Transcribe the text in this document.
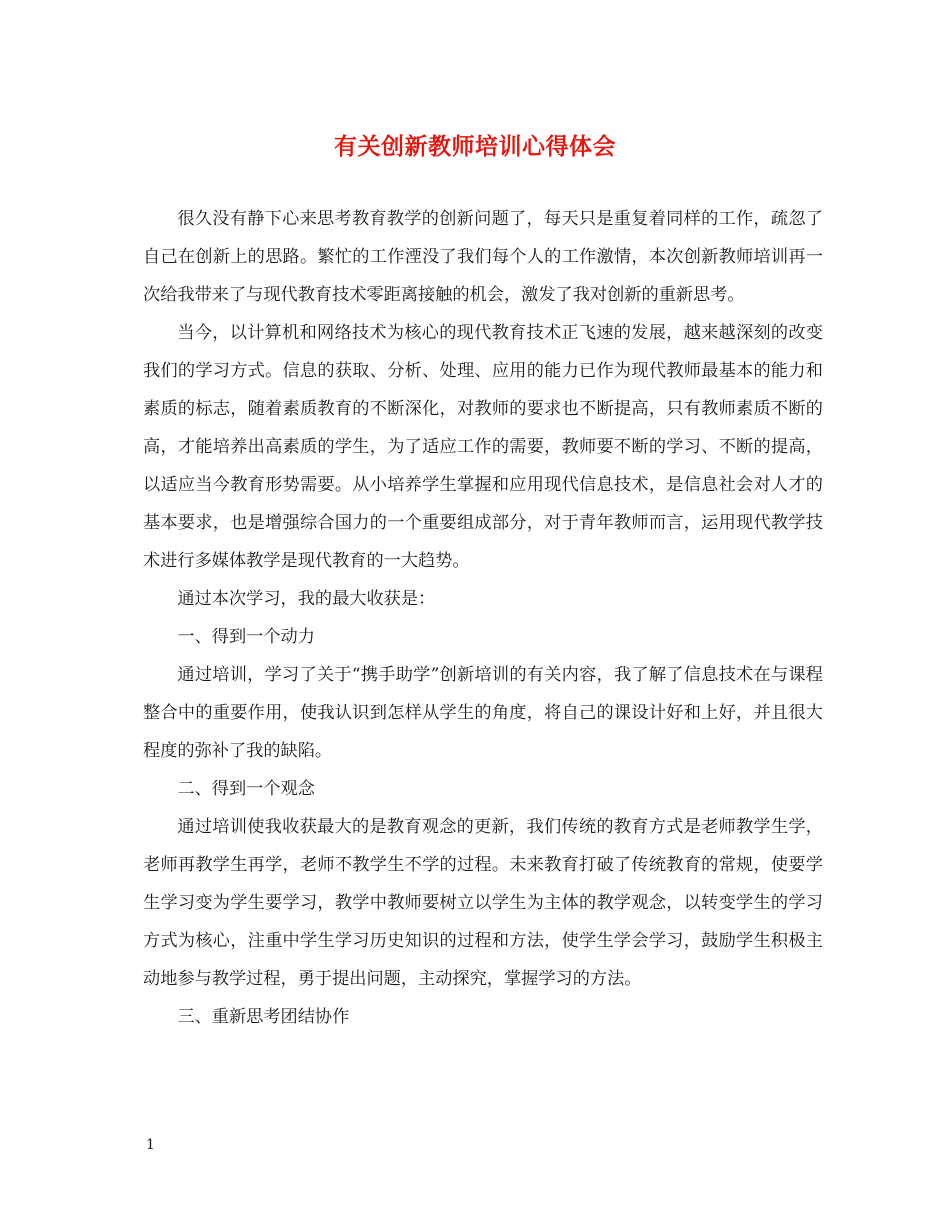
有关创新教师培训心得体会

很久没有静下心来思考教育教学的创新问题了，每天只是重复着同样的工作，疏忽了自己在创新上的思路。繁忙的工作湮没了我们每个人的工作激情，本次创新教师培训再一次给我带来了与现代教育技术零距离接触的机会，激发了我对创新的重新思考。

当今，以计算机和网络技术为核心的现代教育技术正飞速的发展，越来越深刻的改变我们的学习方式。信息的获取、分析、处理、应用的能力已作为现代教师最基本的能力和素质的标志，随着素质教育的不断深化，对教师的要求也不断提高，只有教师素质不断的高，才能培养出高素质的学生，为了适应工作的需要，教师要不断的学习、不断的提高，以适应当今教育形势需要。从小培养学生掌握和应用现代信息技术，是信息社会对人才的基本要求，也是增强综合国力的一个重要组成部分，对于青年教师而言，运用现代教学技术进行多媒体教学是现代教育的一大趋势。

通过本次学习，我的最大收获是：

一、得到一个动力

通过培训，学习了关于“携手助学”创新培训的有关内容，我了解了信息技术在与课程整合中的重要作用，使我认识到怎样从学生的角度，将自己的课设计好和上好，并且很大程度的弥补了我的缺陷。

二、得到一个观念

通过培训使我收获最大的是教育观念的更新，我们传统的教育方式是老师教学生学，老师再教学生再学，老师不教学生不学的过程。未来教育打破了传统教育的常规，使要学生学习变为学生要学习，教学中教师要树立以学生为主体的教学观念，以转变学生的学习方式为核心，注重中学生学习历史知识的过程和方法，使学生学会学习，鼓励学生积极主动地参与教学过程，勇于提出问题，主动探究，掌握学习的方法。

三、重新思考团结协作

1
